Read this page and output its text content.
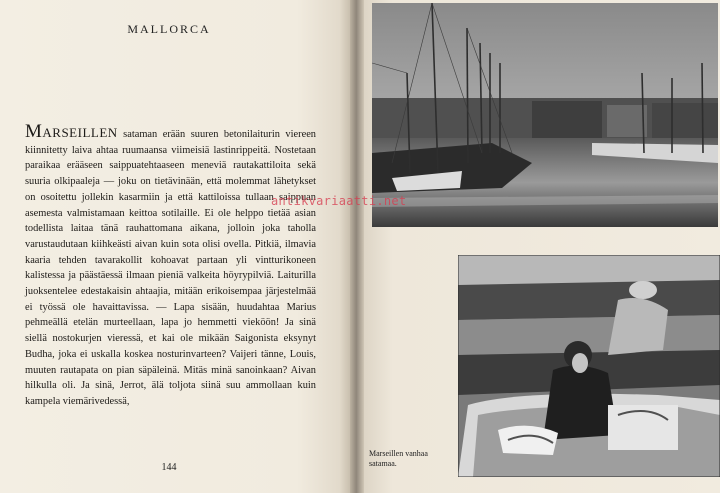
MALLORCA

Marseillen sataman erään suuren betonilaiturin viereen kiinnitetty laiva ahtaa ruumaansa viimeisiä lastinrippeitä. Nostetaan paraikaa erääseen saippuatehtaaseen meneviä rautakattiloita sekä suuria olkipaaleja — joku on tietävinään, että molemmat lähetykset on osoitettu jollekin kasarmiin ja että kattiloissa tullaan saippuan asemesta valmistamaan keittoa sotilaille. Ei ole helppo tietää asian todellista laitaa tänä rauhattomana aikana, jolloin joka taholla varustaudutaan kiihkeästi aivan kuin sota olisi ovella. Pitkiä, ilmavia kaaria tehden tavarakollit kohoavat partaan yli vintturikoneen kalistessa ja päästäessä ilmaan pieniä valkeita höyrypilviä. Laiturilla juoksentelee edestakaisin ahtaajia, mitään erikoisempaa järjestelmää ei työssä ole havaittavissa. — Lapa sisään, huudahtaa Marius pehmeällä etelän murteellaan, lapa jo hemmetti vieköön! Ja sinä siellä nostokurjen vieressä, et kai ole mikään Saigonista eksynyt Budha, joka ei uskalla koskea nosturinvarteen? Vaijeri tänne, Louis, muuten rautapata on pian säpäleinä. Mitäs minä sanoinkaan? Aivan hilkulla oli. Ja sinä, Jerrot, älä toljota siinä suu ammollaan kuin kampela viemärivedessä,

144

Marseillen vanhaa satamaa.

antikvariaatti.net
